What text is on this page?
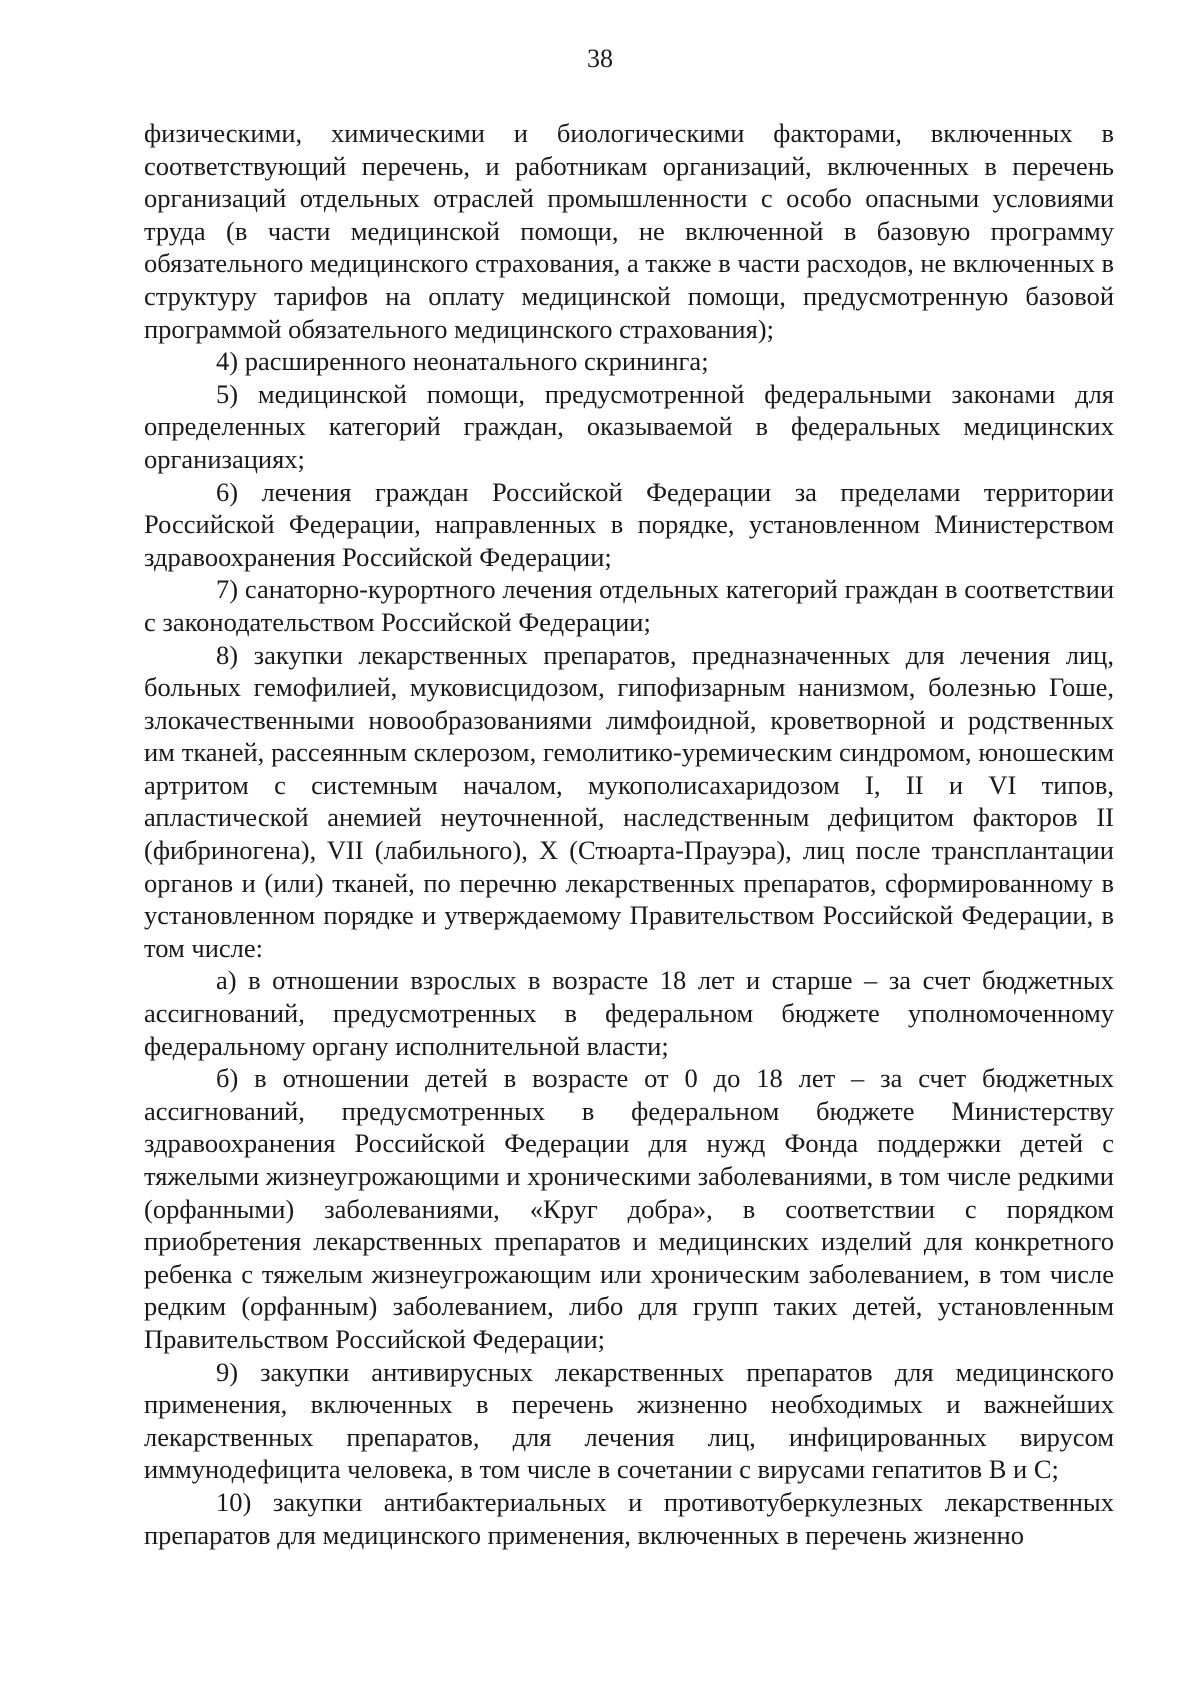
38

физическими, химическими и биологическими факторами, включенных в соответствующий перечень, и работникам организаций, включенных в перечень организаций отдельных отраслей промышленности с особо опасными условиями труда (в части медицинской помощи, не включенной в базовую программу обязательного медицинского страхования, а также в части расходов, не включенных в структуру тарифов на оплату медицинской помощи, предусмотренную базовой программой обязательного медицинского страхования);

4) расширенного неонатального скрининга;

5) медицинской помощи, предусмотренной федеральными законами для определенных категорий граждан, оказываемой в федеральных медицинских организациях;

6) лечения граждан Российской Федерации за пределами территории Российской Федерации, направленных в порядке, установленном Министерством здравоохранения Российской Федерации;

7) санаторно-курортного лечения отдельных категорий граждан в соответствии с законодательством Российской Федерации;

8) закупки лекарственных препаратов, предназначенных для лечения лиц, больных гемофилией, муковисцидозом, гипофизарным нанизмом, болезнью Гоше, злокачественными новообразованиями лимфоидной, кроветворной и родственных им тканей, рассеянным склерозом, гемолитико-уремическим синдромом, юношеским артритом с системным началом, мукополисахаридозом I, II и VI типов, апластической анемией неуточненной, наследственным дефицитом факторов II (фибриногена), VII (лабильного), X (Стюарта-Прауэра), лиц после трансплантации органов и (или) тканей, по перечню лекарственных препаратов, сформированному в установленном порядке и утверждаемому Правительством Российской Федерации, в том числе:

а) в отношении взрослых в возрасте 18 лет и старше – за счет бюджетных ассигнований, предусмотренных в федеральном бюджете уполномоченному федеральному органу исполнительной власти;

б) в отношении детей в возрасте от 0 до 18 лет – за счет бюджетных ассигнований, предусмотренных в федеральном бюджете Министерству здравоохранения Российской Федерации для нужд Фонда поддержки детей с тяжелыми жизнеугрожающими и хроническими заболеваниями, в том числе редкими (орфанными) заболеваниями, «Круг добра», в соответствии с порядком приобретения лекарственных препаратов и медицинских изделий для конкретного ребенка с тяжелым жизнеугрожающим или хроническим заболеванием, в том числе редким (орфанным) заболеванием, либо для групп таких детей, установленным Правительством Российской Федерации;

9) закупки антивирусных лекарственных препаратов для медицинского применения, включенных в перечень жизненно необходимых и важнейших лекарственных препаратов, для лечения лиц, инфицированных вирусом иммунодефицита человека, в том числе в сочетании с вирусами гепатитов B и C;

10) закупки антибактериальных и противотуберкулезных лекарственных препаратов для медицинского применения, включенных в перечень жизненно
